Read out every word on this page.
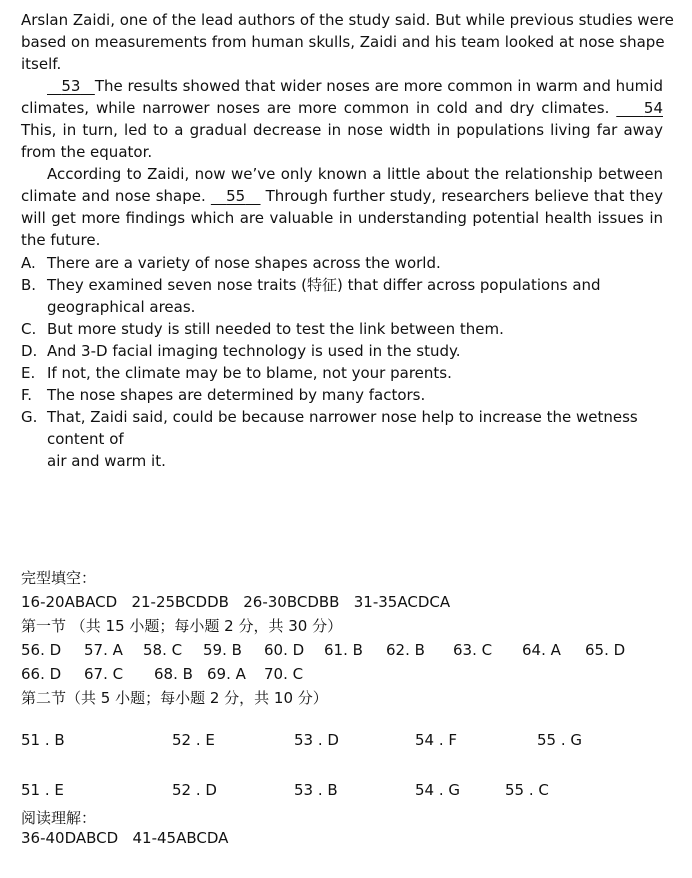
Arslan Zaidi, one of the lead authors of the study said. But while previous studies were
based on measurements from human skulls, Zaidi and his team looked at nose shape
itself.
53 The results showed that wider noses are more common in warm and humid
climates, while narrower noses are more common in cold and dry climates. 54
This, in turn, led to a gradual decrease in nose width in populations living far away
from the equator.
According to Zaidi, now we’ve only known a little about the relationship between
climate and nose shape. 55 Through further study, researchers believe that they
will get more findings which are valuable in understanding potential health issues in
the future.
A. There are a variety of nose shapes across the world.
B. They examined seven nose traits (特征) that differ across populations and
geographical areas.
C. But more study is still needed to test the link between them.
D. And 3-D facial imaging technology is used in the study.
E. If not, the climate may be to blame, not your parents.
F. The nose shapes are determined by many factors.
G. That, Zaidi said, could be because narrower nose help to increase the wetness
content of
air and warm it.
完型填空：
16-20ABACD   21-25BCDDB   26-30BCDBB   31-35ACDCA
第一节 （共 15 小题；每小题 2 分，共 30 分）
56. D 57. A 58. C 59. B 60. D 61. B 62. B 63. C 64. A 65. D
66. D 67. C 68. B 69. A 70. C
第二节（共 5 小题；每小题 2 分，共 10 分）
51 . B	52 . E	53 . D	54 . F	55 . G
51 . E	52 . D	53 . B	54 . G	55 . C
阅读理解：
36-40DABCD   41-45ABCDA
